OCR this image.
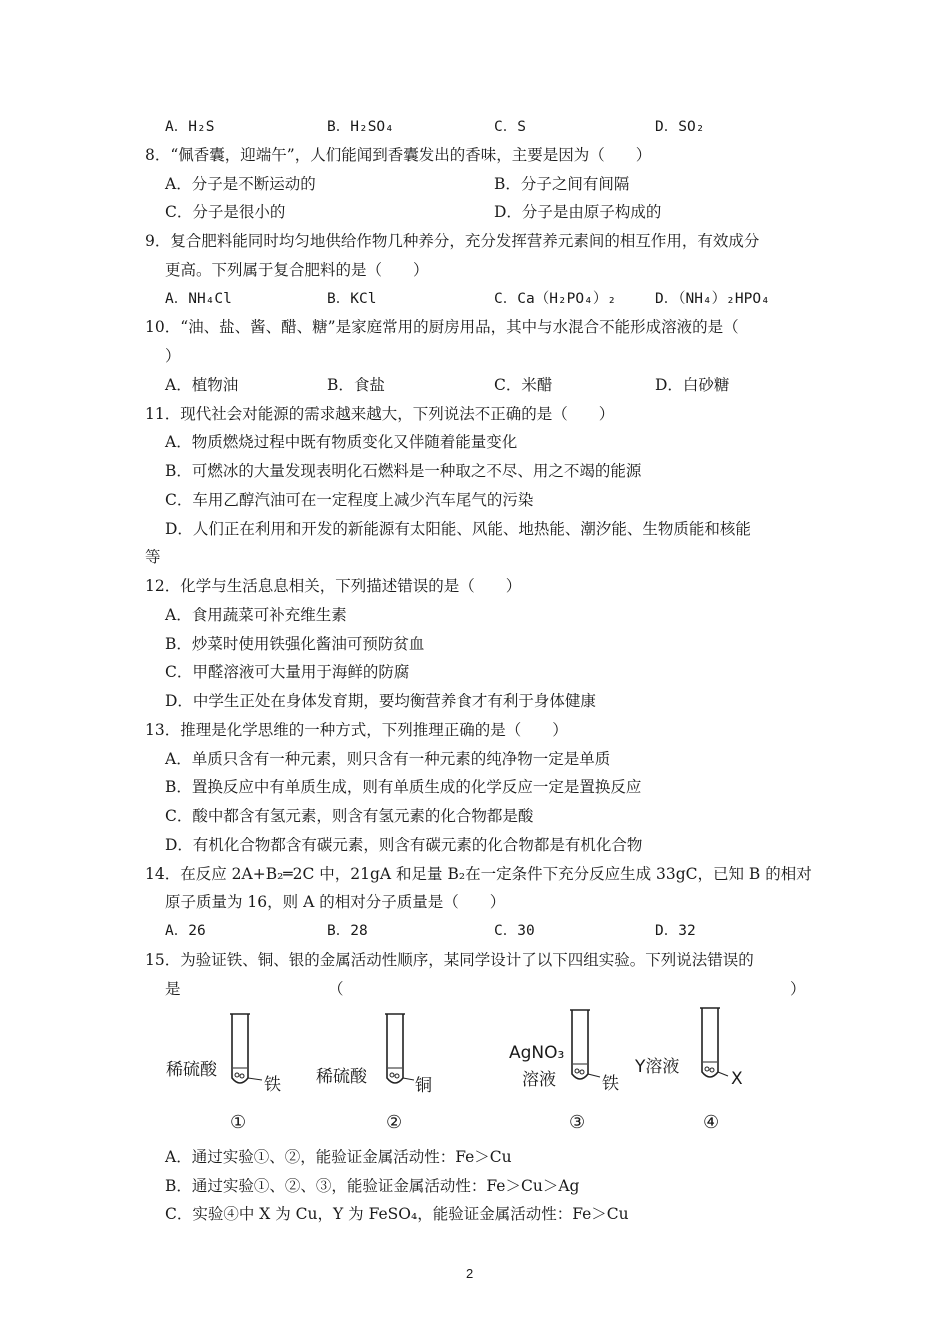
A．H₂S	B．H₂SO₄	C．S	D．SO₂
8．“佩香囊，迎端午”，人们能闻到香囊发出的香味，主要是因为（　　）
A．分子是不断运动的	B．分子之间有间隔
C．分子是很小的	D．分子是由原子构成的
9．复合肥料能同时均匀地供给作物几种养分，充分发挥营养元素间的相互作用，有效成分
更高。下列属于复合肥料的是（　　）
A．NH₄Cl	B．KCl	C．Ca（H₂PO₄）₂	D．（NH₄）₂HPO₄
10．“油、盐、酱、醋、糖”是家庭常用的厨房用品，其中与水混合不能形成溶液的是（
）
A．植物油	B．食盐	C．米醋	D．白砂糖
11．现代社会对能源的需求越来越大，下列说法不正确的是（　　）
A．物质燃烧过程中既有物质变化又伴随着能量变化
B．可燃冰的大量发现表明化石燃料是一种取之不尽、用之不竭的能源
C．车用乙醇汽油可在一定程度上减少汽车尾气的污染
D．人们正在利用和开发的新能源有太阳能、风能、地热能、潮汐能、生物质能和核能
等
12．化学与生活息息相关，下列描述错误的是（　　）
A．食用蔬菜可补充维生素
B．炒菜时使用铁强化酱油可预防贫血
C．甲醛溶液可大量用于海鲜的防腐
D．中学生正处在身体发育期，要均衡营养食才有利于身体健康
13．推理是化学思维的一种方式，下列推理正确的是（　　）
A．单质只含有一种元素，则只含有一种元素的纯净物一定是单质
B．置换反应中有单质生成，则有单质生成的化学反应一定是置换反应
C．酸中都含有氢元素，则含有氢元素的化合物都是酸
D．有机化合物都含有碳元素，则含有碳元素的化合物都是有机化合物
14．在反应 2A+B₂═2C 中，21gA 和足量 B₂在一定条件下充分反应生成 33gC，已知 B 的相对
原子质量为 16，则 A 的相对分子质量是（　　）
A．26	B．28	C．30	D．32
15．为验证铁、铜、银的金属活动性顺序，某同学设计了以下四组实验。下列说法错误的
是	（	）
稀硫酸
铁
①
稀硫酸	铜
②
AgNO₃
溶液	铁
③
Y溶液
X
④
A．通过实验①、②，能验证金属活动性：Fe＞Cu
B．通过实验①、②、③，能验证金属活动性：Fe＞Cu＞Ag
C．实验④中 X 为 Cu，Y 为 FeSO₄，能验证金属活动性：Fe＞Cu
2
